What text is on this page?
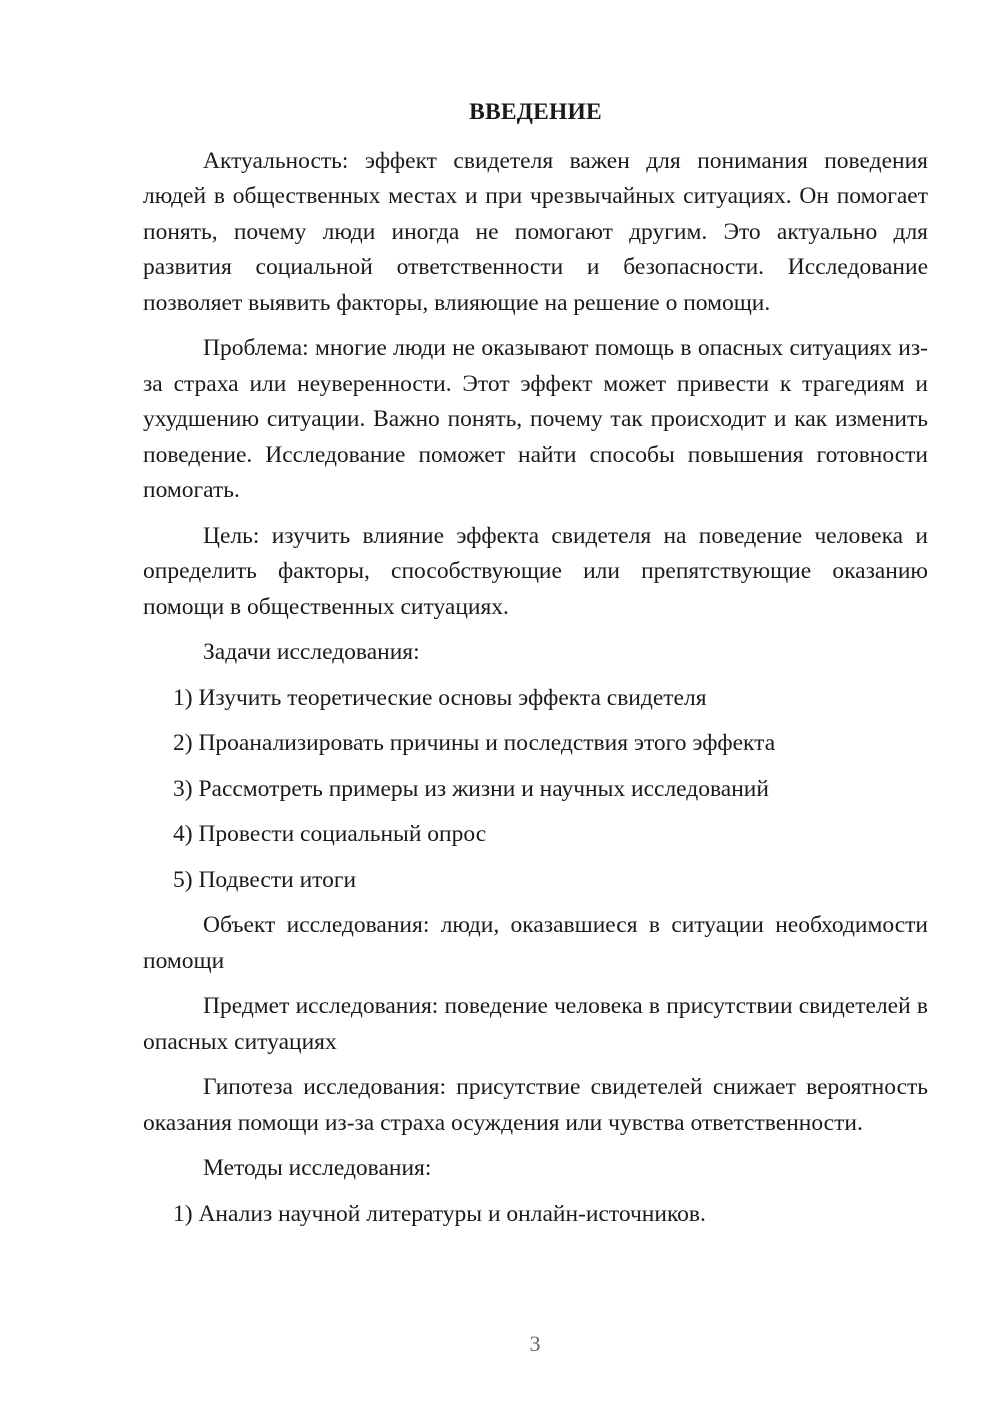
ВВЕДЕНИЕ

Актуальность: эффект свидетеля важен для понимания поведения людей в общественных местах и при чрезвычайных ситуациях. Он помогает понять, почему люди иногда не помогают другим. Это актуально для развития социальной ответственности и безопасности. Исследование позволяет выявить факторы, влияющие на решение о помощи.

Проблема: многие люди не оказывают помощь в опасных ситуациях из-за страха или неуверенности. Этот эффект может привести к трагедиям и ухудшению ситуации. Важно понять, почему так происходит и как изменить поведение. Исследование поможет найти способы повышения готовности помогать.

Цель: изучить влияние эффекта свидетеля на поведение человека и определить факторы, способствующие или препятствующие оказанию помощи в общественных ситуациях.

Задачи исследования:

1) Изучить теоретические основы эффекта свидетеля
2) Проанализировать причины и последствия этого эффекта
3) Рассмотреть примеры из жизни и научных исследований
4) Провести социальный опрос
5) Подвести итоги

Объект исследования: люди, оказавшиеся в ситуации необходимости помощи

Предмет исследования: поведение человека в присутствии свидетелей в опасных ситуациях

Гипотеза исследования: присутствие свидетелей снижает вероятность оказания помощи из-за страха осуждения или чувства ответственности.

Методы исследования:

1) Анализ научной литературы и онлайн-источников.
3
